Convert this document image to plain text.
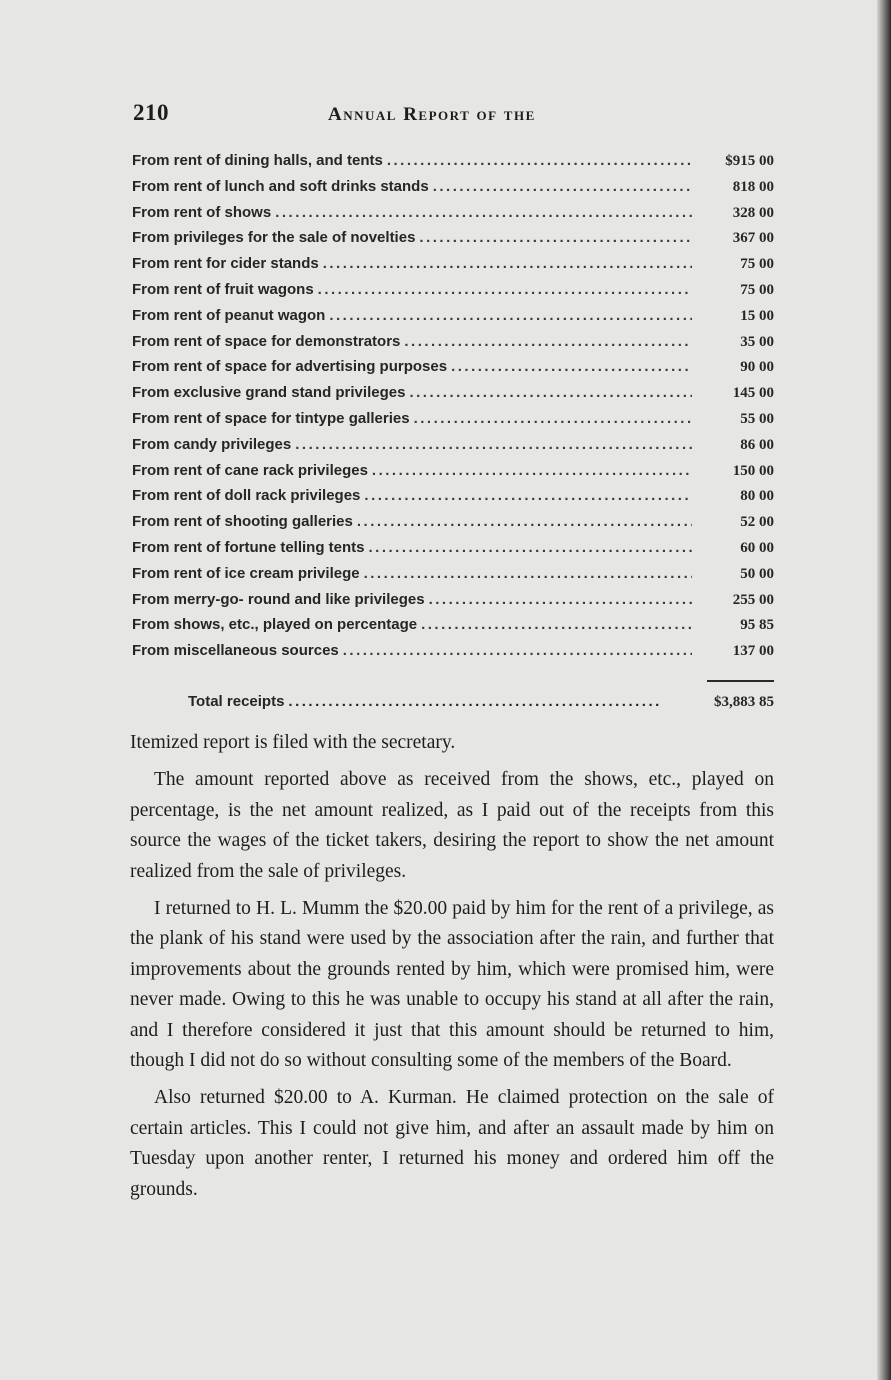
210	Annual Report of the
From rent of dining halls, and tents .....	$915 00
From rent of lunch and soft drinks stands .....	818 00
From rent of shows .....	328 00
From privileges for the sale of novelties .....	367 00
From rent for cider stands .....	75 00
From rent of fruit wagons .....	75 00
From rent of peanut wagon .....	15 00
From rent of space for demonstrators .....	35 00
From rent of space for advertising purposes .....	90 00
From exclusive grand stand privileges .....	145 00
From rent of space for tintype galleries .....	55 00
From candy privileges .....	86 00
From rent of cane rack privileges .....	150 00
From rent of doll rack privileges .....	80 00
From rent of shooting galleries .....	52 00
From rent of fortune telling tents .....	60 00
From rent of ice cream privilege .....	50 00
From merry-go- round and like privileges .....	255 00
From shows, etc., played on percentage .....	95 85
From miscellaneous sources .....	137 00
Total receipts .....	$3,883 85

Itemized report is filed with the secretary.

The amount reported above as received from the shows, etc., played on percentage, is the net amount realized, as I paid out of the receipts from this source the wages of the ticket takers, desiring the report to show the net amount realized from the sale of privileges.

I returned to H. L. Mumm the $20.00 paid by him for the rent of a privilege, as the plank of his stand were used by the association after the rain, and further that improvements about the grounds rented by him, which were promised him, were never made. Owing to this he was unable to occupy his stand at all after the rain, and I therefore considered it just that this amount should be returned to him, though I did not do so without consulting some of the members of the Board.

Also returned $20.00 to A. Kurman. He claimed protection on the sale of certain articles. This I could not give him, and after an assault made by him on Tuesday upon another renter, I returned his money and ordered him off the grounds.
